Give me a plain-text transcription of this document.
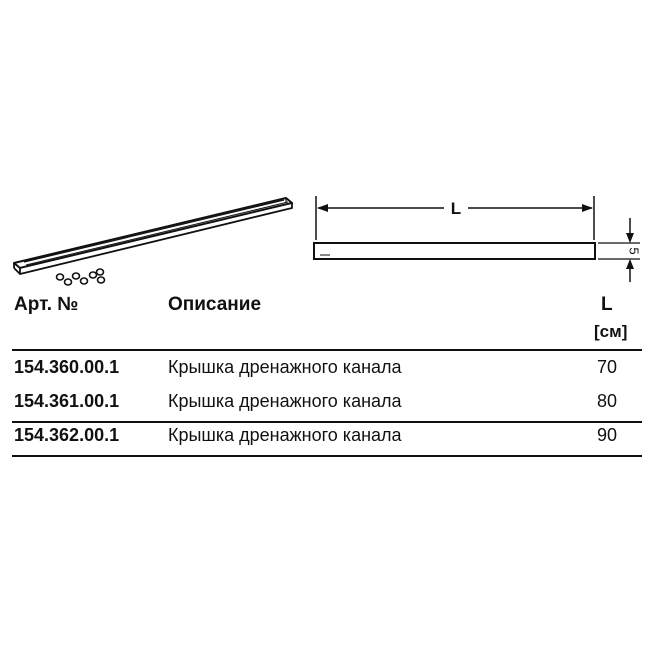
L
5
Арт. №	Описание	L
[см]
154.360.00.1	Крышка дренажного канала	70
154.361.00.1	Крышка дренажного канала	80
154.362.00.1	Крышка дренажного канала	90
